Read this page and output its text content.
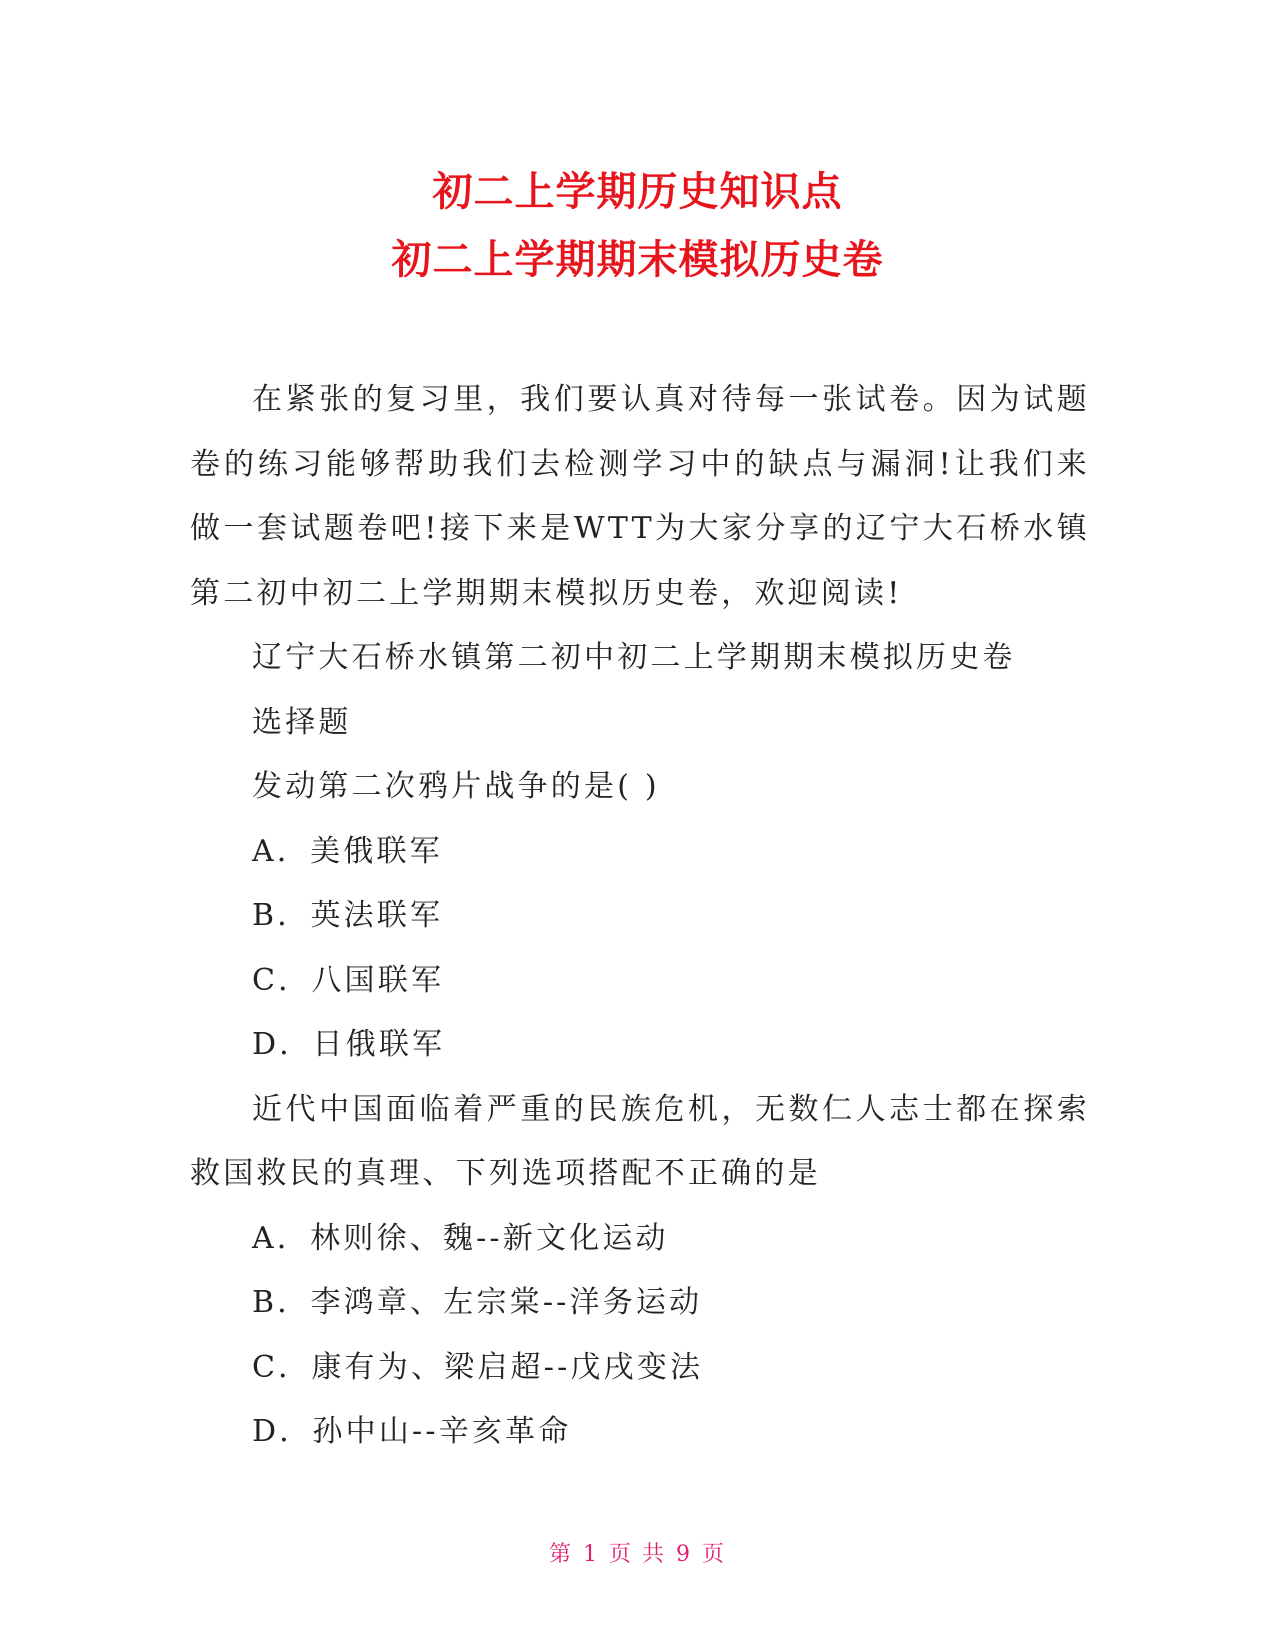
初二上学期历史知识点
初二上学期期末模拟历史卷

在紧张的复习里，我们要认真对待每一张试卷。因为试题卷的练习能够帮助我们去检测学习中的缺点与漏洞!让我们来做一套试题卷吧!接下来是WTT为大家分享的辽宁大石桥水镇第二初中初二上学期期末模拟历史卷，欢迎阅读!

辽宁大石桥水镇第二初中初二上学期期末模拟历史卷

选择题

发动第二次鸦片战争的是( )

A．美俄联军

B．英法联军

C．八国联军

D．日俄联军

近代中国面临着严重的民族危机，无数仁人志士都在探索救国救民的真理、下列选项搭配不正确的是

A．林则徐、魏--新文化运动

B．李鸿章、左宗棠--洋务运动

C．康有为、梁启超--戊戌变法

D．孙中山--辛亥革命

第 1 页 共 9 页
